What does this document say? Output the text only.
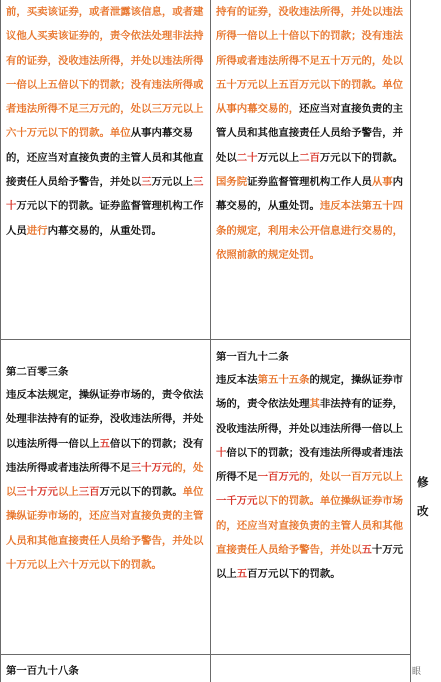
前，买卖该证券，或者泄露该信息，或者建议他人买卖该证券的，责令依法处理非法持有的证券，没收违法所得，并处以违法所得一倍以上五倍以下的罚款；没有违法所得或者违法所得不足三万元的，处以三万元以上六十万元以下的罚款。单位从事内幕交易的，还应当对直接负责的主管人员和其他直接责任人员给予警告，并处以三万元以上三十万元以下的罚款。证券监督管理机构工作人员进行内幕交易的，从重处罚。

持有的证券，没收违法所得，并处以违法所得一倍以上十倍以下的罚款；没有违法所得或者违法所得不足五十万元的，处以五十万元以上五百万元以下的罚款。单位从事内幕交易的，还应当对直接负责的主管人员和其他直接责任人员给予警告，并处以二十万元以上二百万元以下的罚款。国务院证券监督管理机构工作人员从事内幕交易的，从重处罚。违反本法第五十四条的规定，利用未公开信息进行交易的，依照前款的规定处罚。

第二百零三条

违反本法规定，操纵证券市场的，责令依法处理非法持有的证券，没收违法所得，并处以违法所得一倍以上五倍以下的罚款；没有违法所得或者违法所得不足三十万元的，处以三十万元以上三百万元以下的罚款。单位操纵证券市场的，还应当对直接负责的主管人员和其他直接责任人员给予警告，并处以十万元以上六十万元以下的罚款。

第一百九十二条

违反本法第五十五条的规定，操纵证券市场的，责令依法处理其非法持有的证券，没收违法所得，并处以违法所得一倍以上十倍以下的罚款；没有违法所得或者违法所得不足一百万元的，处以一百万元以上一千万元以下的罚款。单位操纵证券市场的，还应当对直接负责的主管人员和其他直接责任人员给予警告，并处以五十万元以上五百万元以下的罚款。

修
改

第一百九十八条	眼
